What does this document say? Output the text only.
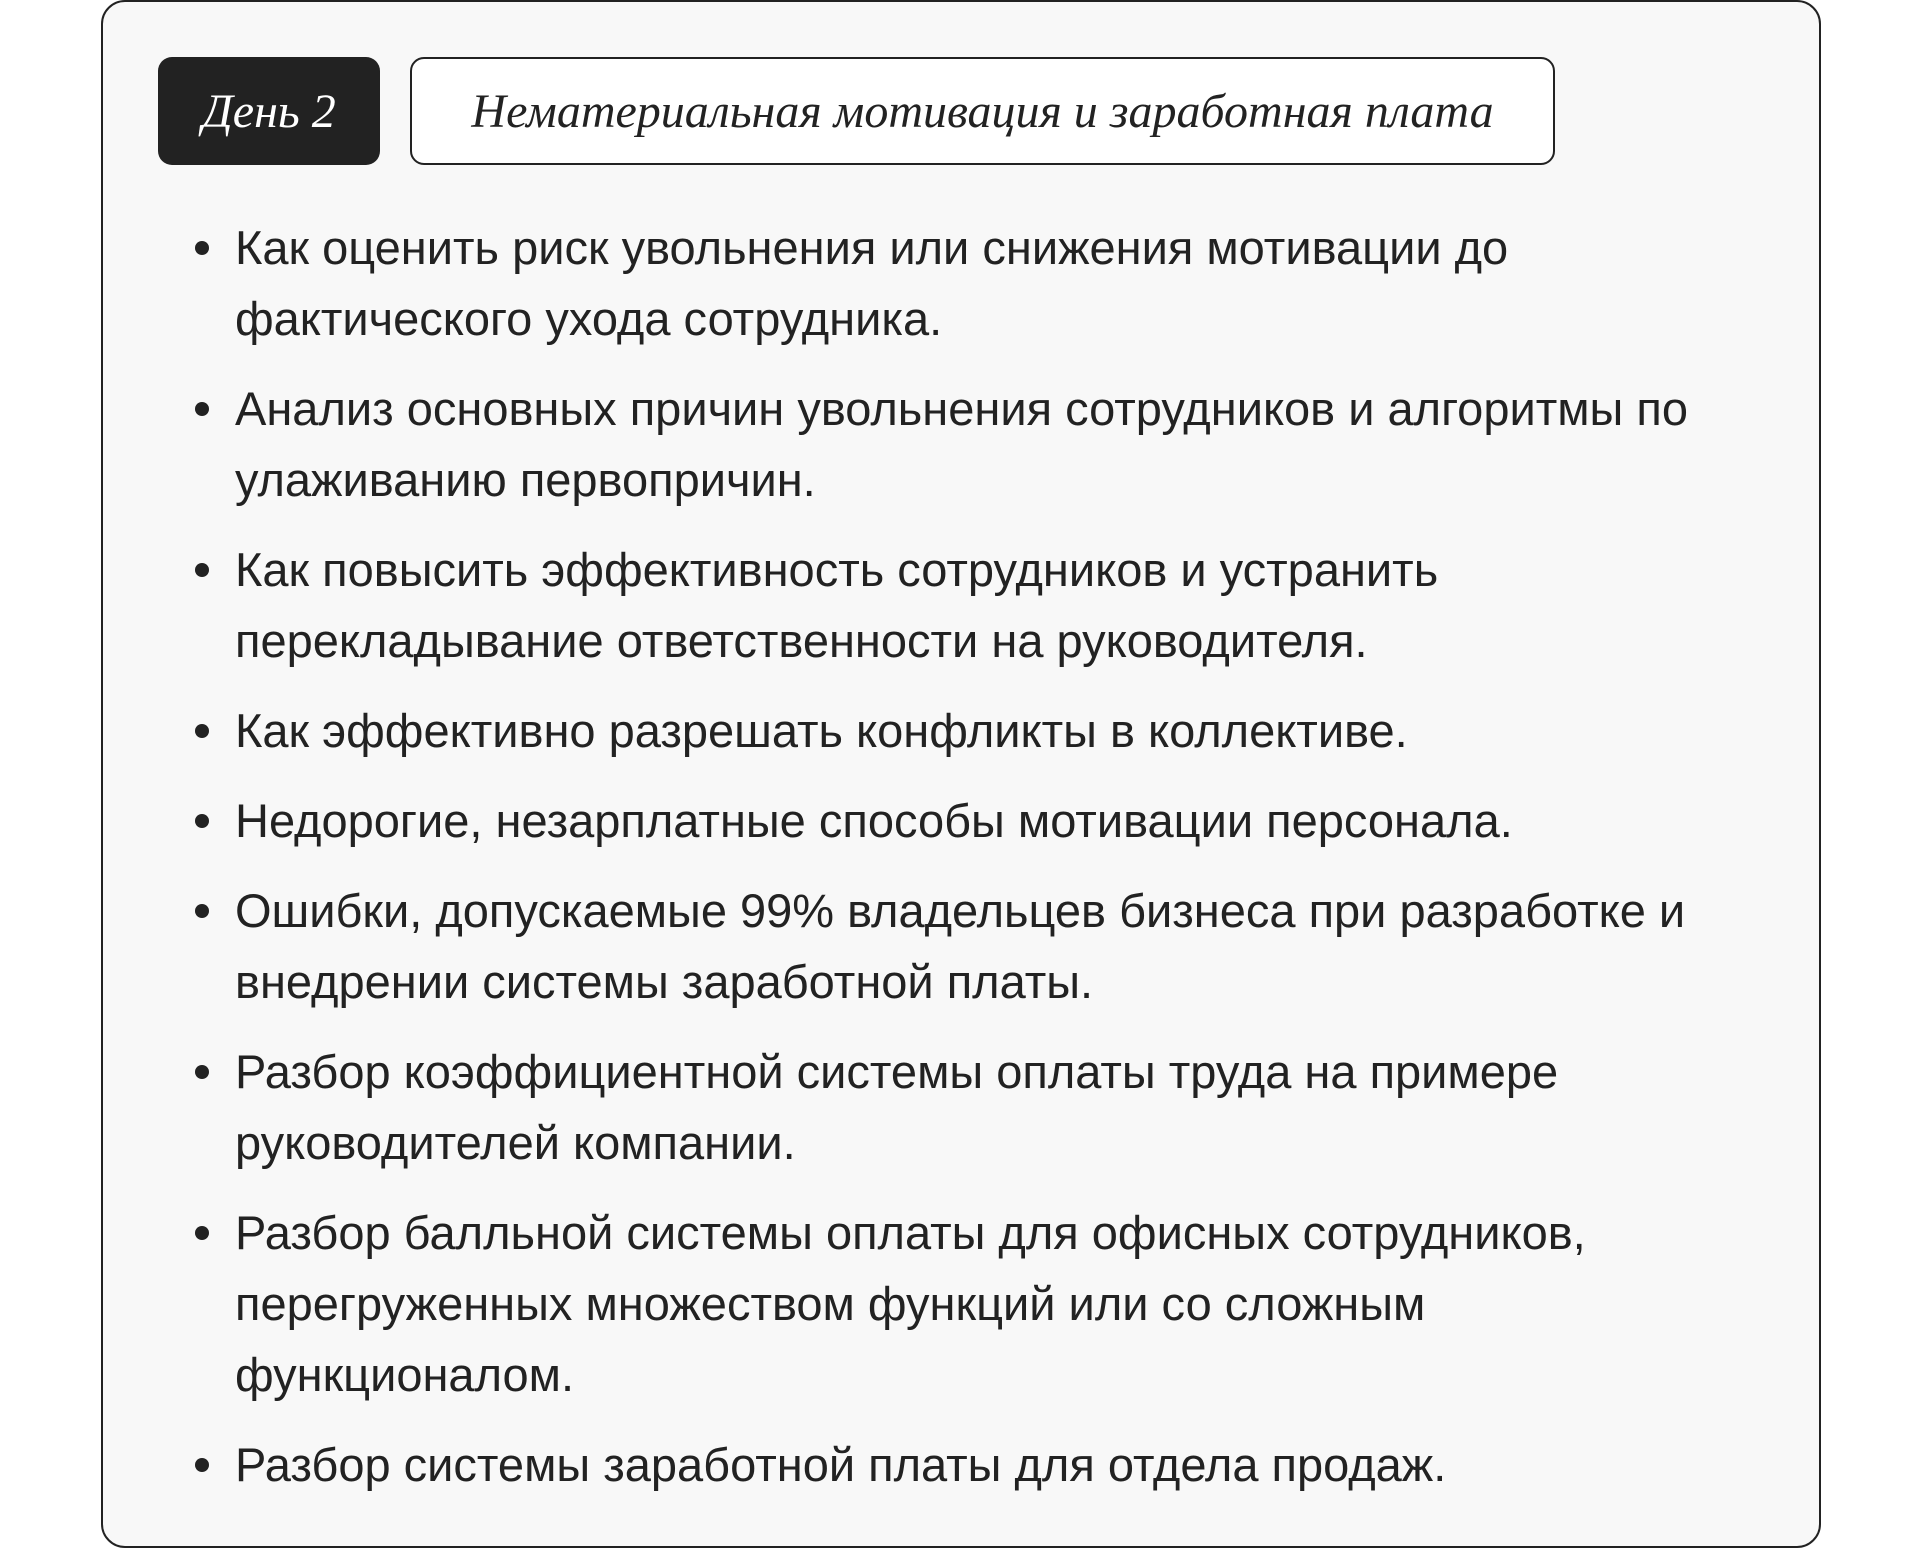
День 2	Нематериальная мотивация и заработная плата
Как оценить риск увольнения или снижения мотивации до фактического ухода сотрудника.
Анализ основных причин увольнения сотрудников и алгоритмы по улаживанию первопричин.
Как повысить эффективность сотрудников и устранить перекладывание ответственности на руководителя.
Как эффективно разрешать конфликты в коллективе.
Недорогие, незарплатные способы мотивации персонала.
Ошибки, допускаемые 99% владельцев бизнеса при разработке и внедрении системы заработной платы.
Разбор коэффициентной системы оплаты труда на примере руководителей компании.
Разбор балльной системы оплаты для офисных сотрудников, перегруженных множеством функций или со сложным функционалом.
Разбор системы заработной платы для отдела продаж.
